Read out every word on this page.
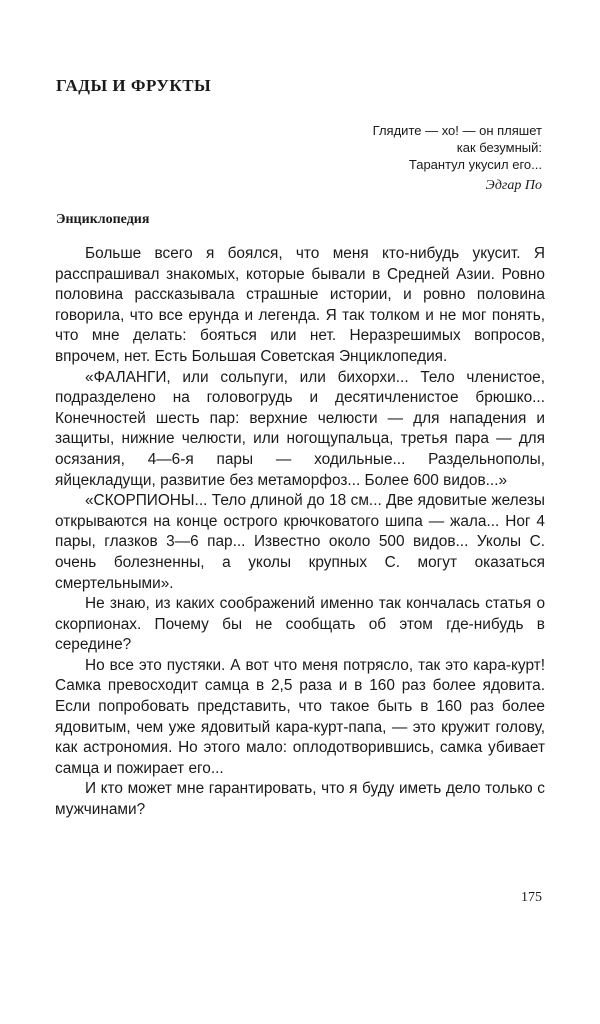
ГАДЫ И ФРУКТЫ
Глядите — хо! — он пляшет
как безумный:
Тарантул укусил его...
Эдгар По
Энциклопедия

Больше всего я боялся, что меня кто-нибудь укусит. Я расспрашивал знакомых, которые бывали в Средней Азии. Ровно половина рассказывала страшные истории, и ровно половина говорила, что все ерунда и легенда. Я так толком и не мог понять, что мне делать: бояться или нет. Неразрешимых вопросов, впрочем, нет. Есть Большая Советская Энциклопедия.

«ФАЛАНГИ, или сольпуги, или бихорхи... Тело членистое, подразделено на головогрудь и десятичленистое брюшко... Конечностей шесть пар: верхние челюсти — для нападения и защиты, нижние челюсти, или ногощупальца, третья пара — для осязания, 4—6-я пары — ходильные... Раздельнополы, яйцекладущи, развитие без метаморфоз... Более 600 видов...»

«СКОРПИОНЫ... Тело длиной до 18 см... Две ядовитые железы открываются на конце острого крючковатого шипа — жала... Ног 4 пары, глазков 3—6 пар... Известно около 500 видов... Уколы С. очень болезненны, а уколы крупных С. могут оказаться смертельными».

Не знаю, из каких соображений именно так кончалась статья о скорпионах. Почему бы не сообщать об этом где-нибудь в середине?

Но все это пустяки. А вот что меня потрясло, так это кара-курт! Самка превосходит самца в 2,5 раза и в 160 раз более ядовита. Если попробовать представить, что такое быть в 160 раз более ядовитым, чем уже ядовитый кара-курт-папа, — это кружит голову, как астрономия. Но этого мало: оплодотворившись, самка убивает самца и пожирает его...

И кто может мне гарантировать, что я буду иметь дело только с мужчинами?

175
